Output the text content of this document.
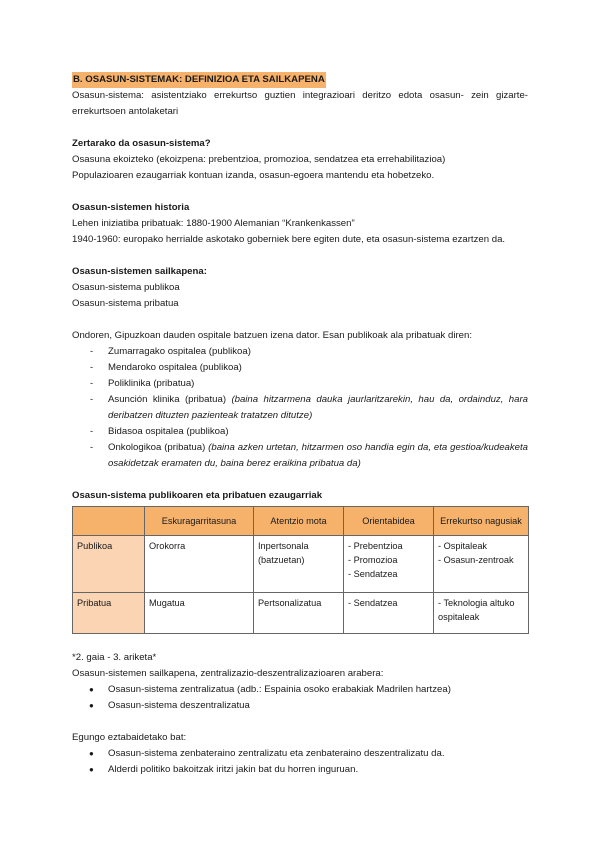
B. OSASUN-SISTEMAK: DEFINIZIOA ETA SAILKAPENA
Osasun-sistema: asistentziako errekurtso guztien integrazioari deritzo edota osasun- zein gizarte-
errekurtsoen antolaketari
Zertarako da osasun-sistema?
Osasuna ekoizteko (ekoizpena: prebentzioa, promozioa, sendatzea eta errehabilitazioa)
Populazioaren ezaugarriak kontuan izanda, osasun-egoera mantendu eta hobetzeko.
Osasun-sistemen historia
Lehen iniziatiba pribatuak: 1880-1900 Alemanian “Krankenkassen”
1940-1960: europako herrialde askotako goberniek bere egiten dute, eta osasun-sistema ezartzen da.
Osasun-sistemen sailkapena:
Osasun-sistema publikoa
Osasun-sistema pribatua
Ondoren, Gipuzkoan dauden ospitale batzuen izena dator. Esan publikoak ala pribatuak diren:
- Zumarragako ospitalea (publikoa)
- Mendaroko ospitalea (publikoa)
- Poliklinika (pribatua)
- Asunción klinika (pribatua) (baina hitzarmena dauka jaurlaritzarekin, hau da, ordainduz, hara deribatzen dituzten pazienteak tratatzen ditutze)
- Bidasoa ospitalea (publikoa)
- Onkologikoa (pribatua) (baina azken urtetan, hitzarmen oso handia egin da, eta gestioa/kudeaketa osakidetzak eramaten du, baina berez eraikina pribatua da)
Osasun-sistema publikoaren eta pribatuen ezaugarriak
	Eskuragarritasuna	Atentzio mota	Orientabidea	Errekurtso nagusiak
Publikoa	Orokorra	Inpertsonala
(batzuetan)	- Prebentzioa
- Promozioa
- Sendatzea	- Ospitaleak
- Osasun-zentroak

Pribatua	Mugatua	Pertsonalizatua	- Sendatzea	- Teknologia altuko
ospitaleak
*2. gaia - 3. ariketa*
Osasun-sistemen sailkapena, zentralizazio-deszentralizazioaren arabera:
● Osasun-sistema zentralizatua (adb.: Espainia osoko erabakiak Madrilen hartzea)
● Osasun-sistema deszentralizatua
Egungo eztabaidetako bat:
● Osasun-sistema zenbateraino zentralizatu eta zenbateraino deszentralizatu da.
● Alderdi politiko bakoitzak iritzi jakin bat du horren inguruan.
